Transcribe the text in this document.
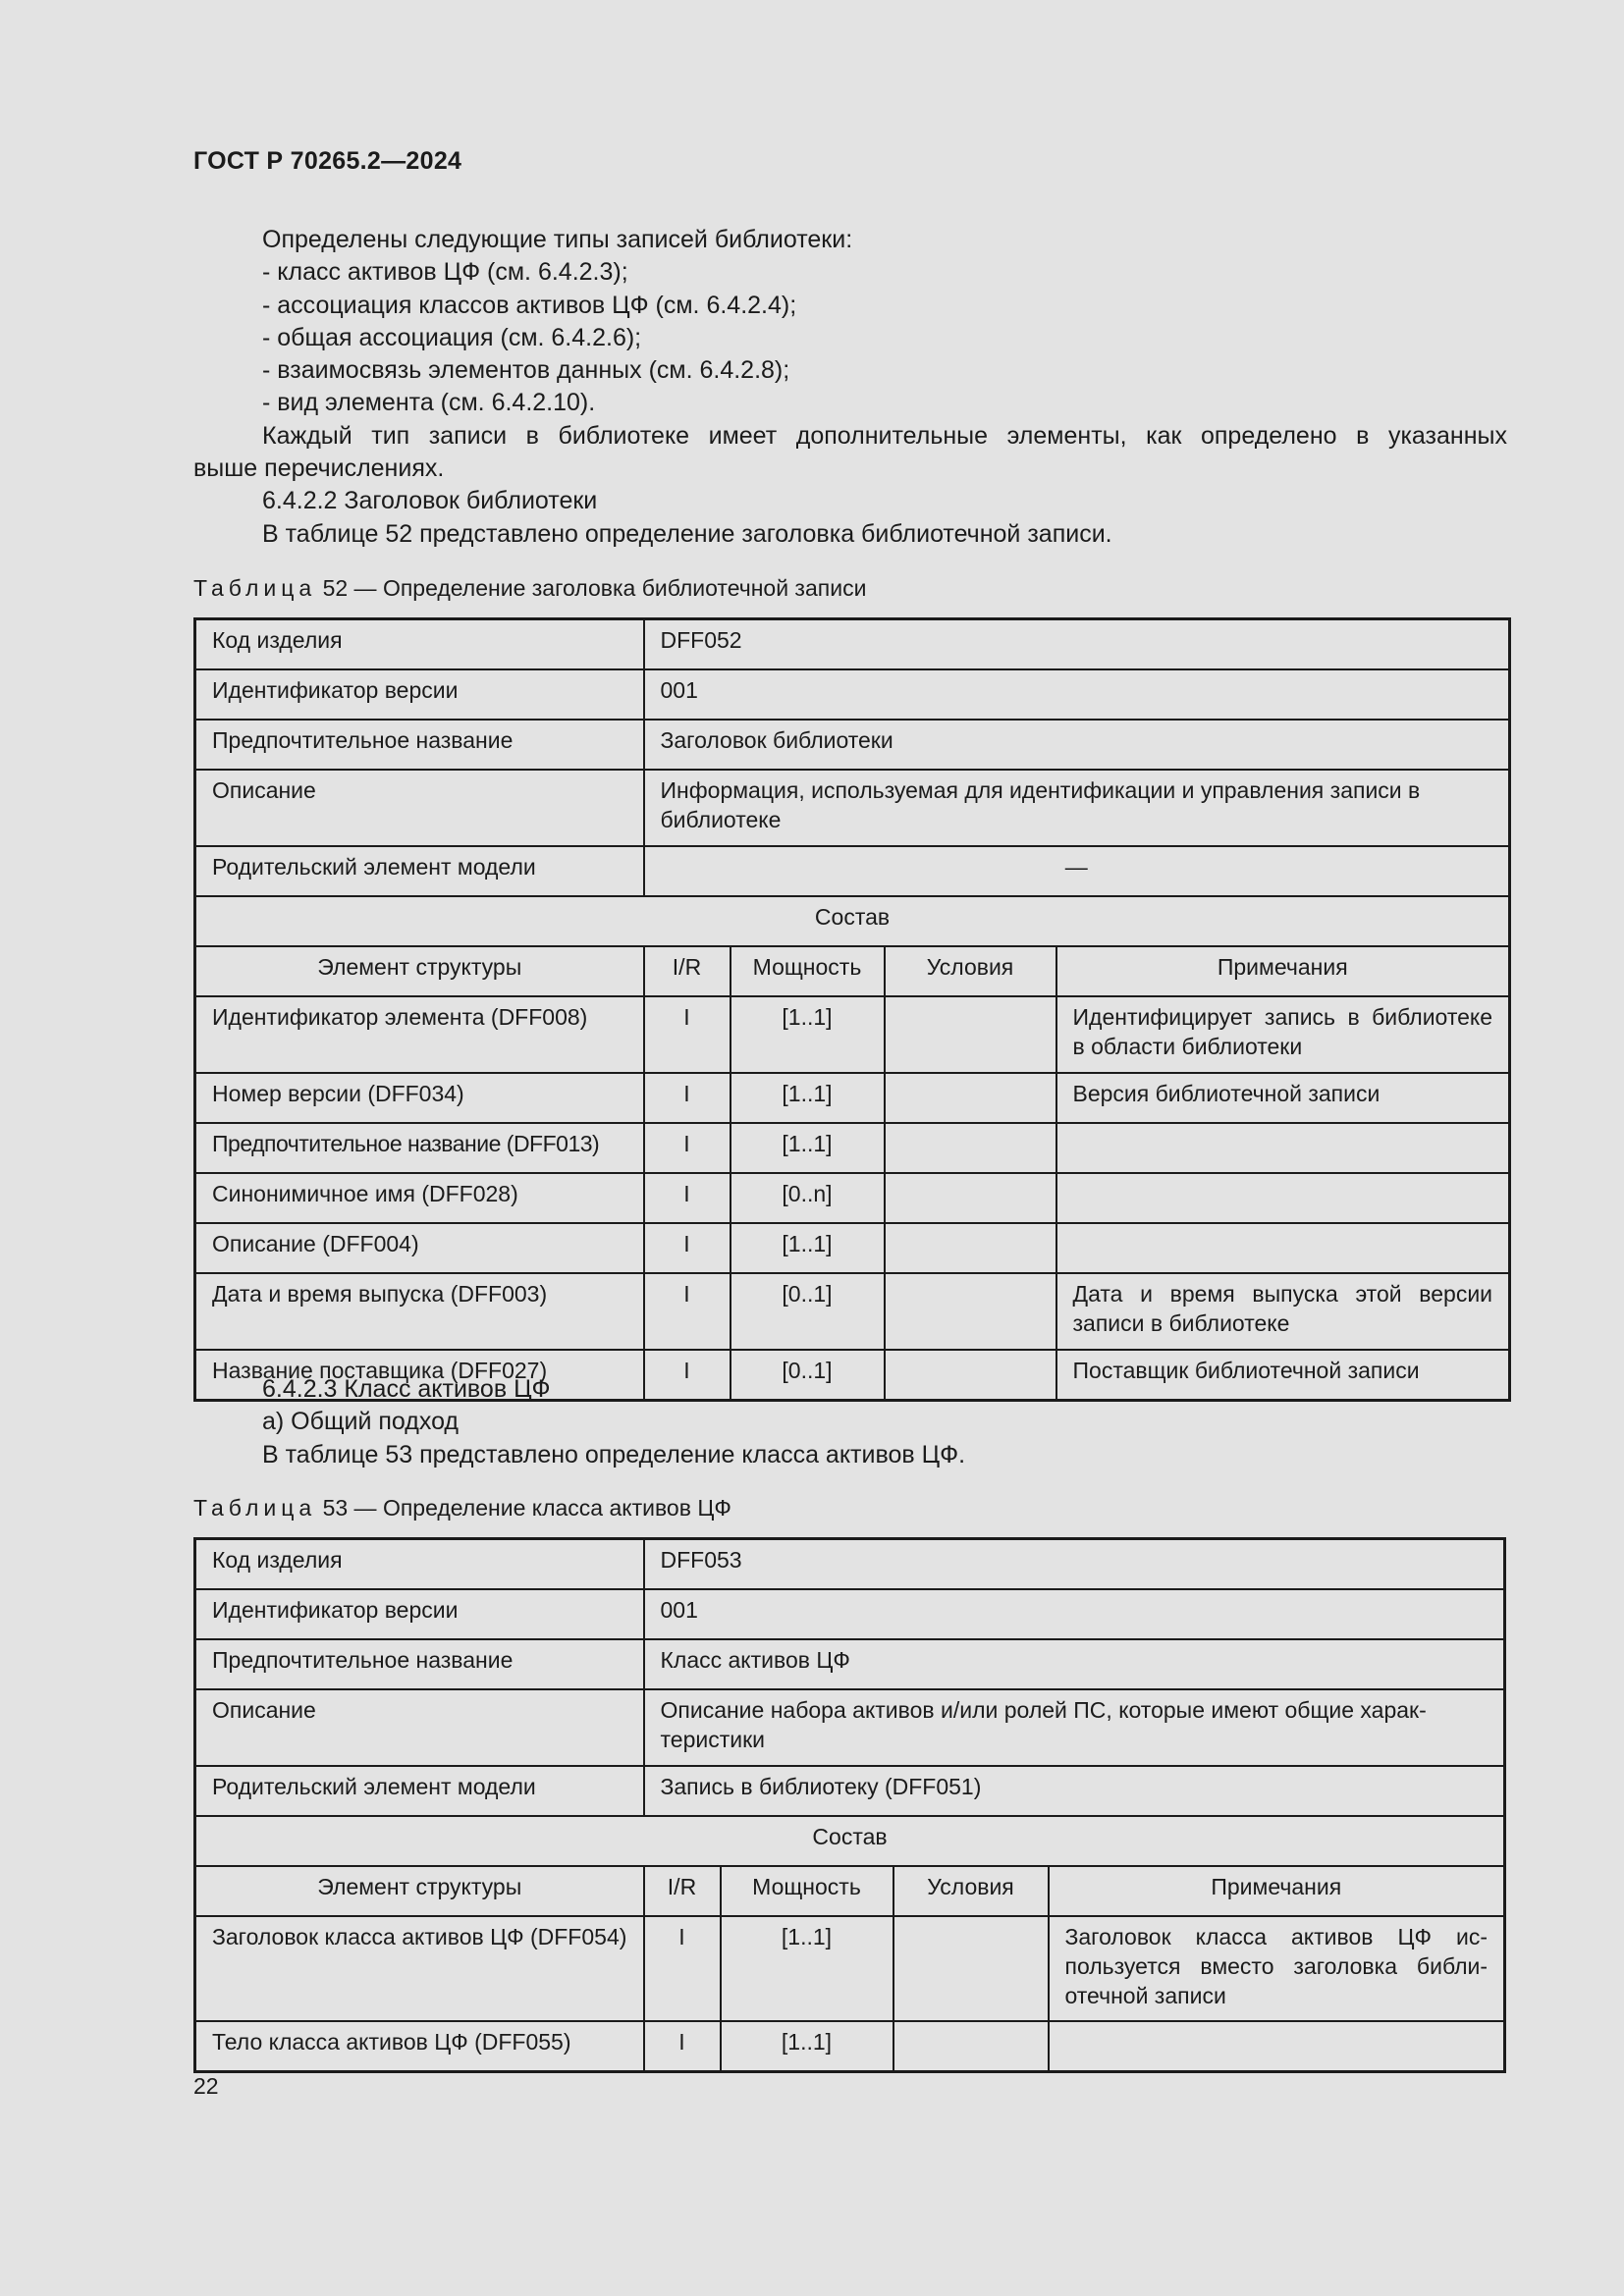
ГОСТ Р 70265.2—2024
Определены следующие типы записей библиотеки:
- класс активов ЦФ (см. 6.4.2.3);
- ассоциация классов активов ЦФ (см. 6.4.2.4);
- общая ассоциация (см. 6.4.2.6);
- взаимосвязь элементов данных (см. 6.4.2.8);
- вид элемента (см. 6.4.2.10).
Каждый тип записи в библиотеке имеет дополнительные элементы, как определено в указанных
выше перечислениях.
6.4.2.2 Заголовок библиотеки
В таблице 52 представлено определение заголовка библиотечной записи.
Таблица 52 — Определение заголовка библиотечной записи
Код изделия	DFF052			
Идентификатор версии	001			
Предпочтительное название	Заголовок библиотеки			
Описание	Информация, используемая для идентификации и управления записи в библиотеке			
Родительский элемент модели	—			
Состав				
Элемент структуры	I/R	Мощность	Условия	Примечания
Идентификатор элемента (DFF008)	I	[1..1]		Идентифицирует запись в библиотеке в области библиотеки
Номер версии (DFF034)	I	[1..1]		Версия библиотечной записи
Предпочтительное название (DFF013)	I	[1..1]		
Синонимичное имя (DFF028)	I	[0..n]		
Описание (DFF004)	I	[1..1]		
Дата и время выпуска (DFF003)	I	[0..1]		Дата и время выпуска этой версии записи в библиотеке
Название поставщика (DFF027)	I	[0..1]		Поставщик библиотечной записи
6.4.2.3 Класс активов ЦФ
а) Общий подход
В таблице 53 представлено определение класса активов ЦФ.
Таблица 53 — Определение класса активов ЦФ
Код изделия	DFF053			
Идентификатор версии	001			
Предпочтительное название	Класс активов ЦФ			
Описание	Описание набора активов и/или ролей ПС, которые имеют общие характеристики			
Родительский элемент модели	Запись в библиотеку (DFF051)			
Состав				
Элемент структуры	I/R	Мощность	Условия	Примечания
Заголовок класса активов ЦФ (DFF054)	I	[1..1]		Заголовок класса активов ЦФ используется вместо заголовка библиотечной записи
Тело класса активов ЦФ (DFF055)	I	[1..1]		
22
